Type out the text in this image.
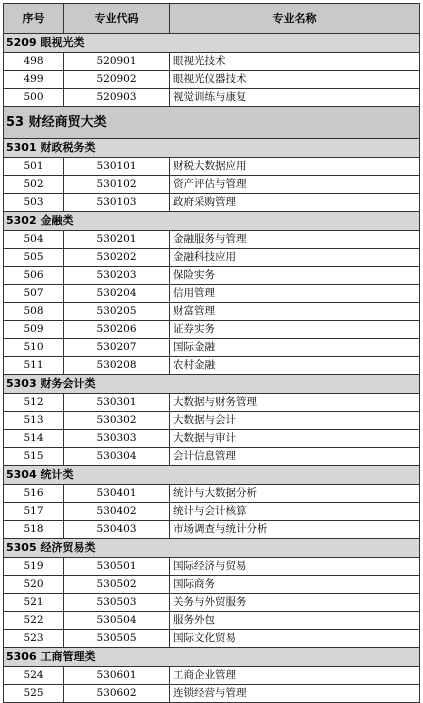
序号	专业代码	专业名称
5209 眼视光类		
498	520901	眼视光技术
499	520902	眼视光仪器技术
500	520903	视觉训练与康复
53 财经商贸大类		
5301 财政税务类		
501	530101	财税大数据应用
502	530102	资产评估与管理
503	530103	政府采购管理
5302 金融类		
504	530201	金融服务与管理
505	530202	金融科技应用
506	530203	保险实务
507	530204	信用管理
508	530205	财富管理
509	530206	证券实务
510	530207	国际金融
511	530208	农村金融
5303 财务会计类		
512	530301	大数据与财务管理
513	530302	大数据与会计
514	530303	大数据与审计
515	530304	会计信息管理
5304 统计类		
516	530401	统计与大数据分析
517	530402	统计与会计核算
518	530403	市场调查与统计分析
5305 经济贸易类		
519	530501	国际经济与贸易
520	530502	国际商务
521	530503	关务与外贸服务
522	530504	服务外包
523	530505	国际文化贸易
5306 工商管理类		
524	530601	工商企业管理
525	530602	连锁经营与管理
